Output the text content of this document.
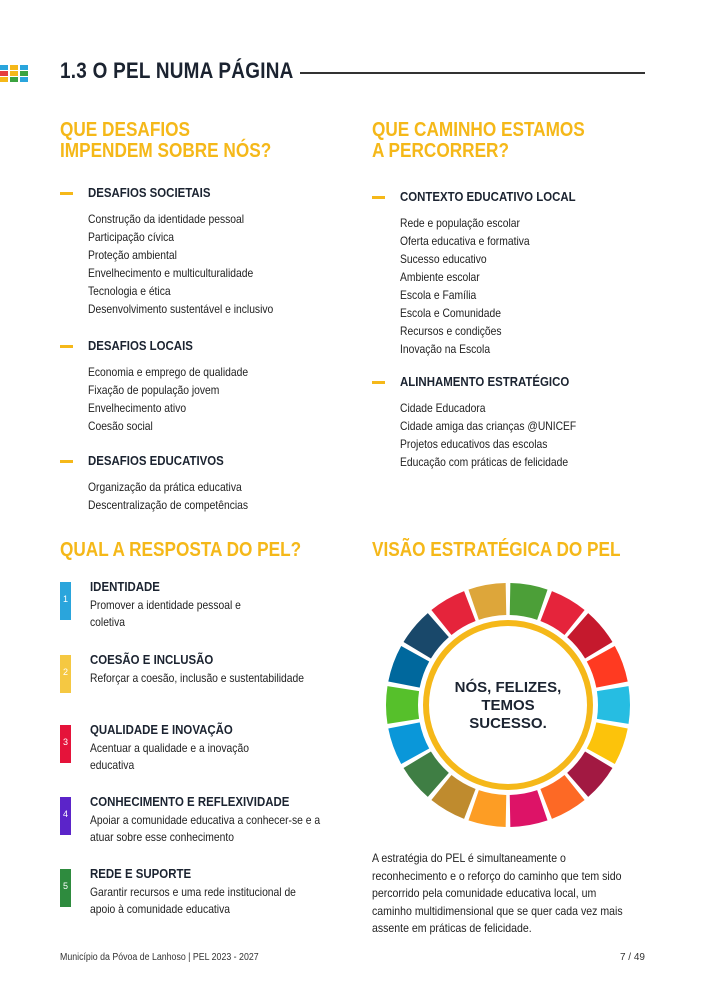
1.3 O PEL NUMA PÁGINA
QUE DESAFIOS
IMPENDEM SOBRE NÓS?
DESAFIOS SOCIETAIS
Construção da identidade pessoal
Participação cívica
Proteção ambiental
Envelhecimento e multiculturalidade
Tecnologia e ética
Desenvolvimento sustentável e inclusivo
DESAFIOS LOCAIS
Economia e emprego de qualidade
Fixação de população jovem
Envelhecimento ativo
Coesão social
DESAFIOS EDUCATIVOS
Organização da prática educativa
Descentralização de competências
QUE CAMINHO ESTAMOS
A PERCORRER?
CONTEXTO EDUCATIVO LOCAL
Rede e população escolar
Oferta educativa e formativa
Sucesso educativo
Ambiente escolar
Escola e Família
Escola e Comunidade
Recursos e condições
Inovação na Escola
ALINHAMENTO ESTRATÉGICO
Cidade Educadora
Cidade amiga das crianças @UNICEF
Projetos educativos das escolas
Educação com práticas de felicidade
QUAL A RESPOSTA DO PEL?
1
IDENTIDADE
Promover a identidade pessoal e coletiva
2
COESÃO E INCLUSÃO
Reforçar a coesão, inclusão e sustentabilidade
3
QUALIDADE E INOVAÇÃO
Acentuar a qualidade e a inovação educativa
4
CONHECIMENTO E REFLEXIVIDADE
Apoiar a comunidade educativa a conhecer-se e a atuar sobre esse conhecimento
5
REDE E SUPORTE
Garantir recursos e uma rede institucional de apoio à comunidade educativa
VISÃO ESTRATÉGICA DO PEL
NÓS, FELIZES,
TEMOS
SUCESSO.
A estratégia do PEL é simultaneamente o reconhecimento e o reforço do caminho que tem sido percorrido pela comunidade educativa local, um caminho multidimensional que se quer cada vez mais assente em práticas de felicidade.
Município da Póvoa de Lanhoso | PEL 2023 - 2027	7 / 49
